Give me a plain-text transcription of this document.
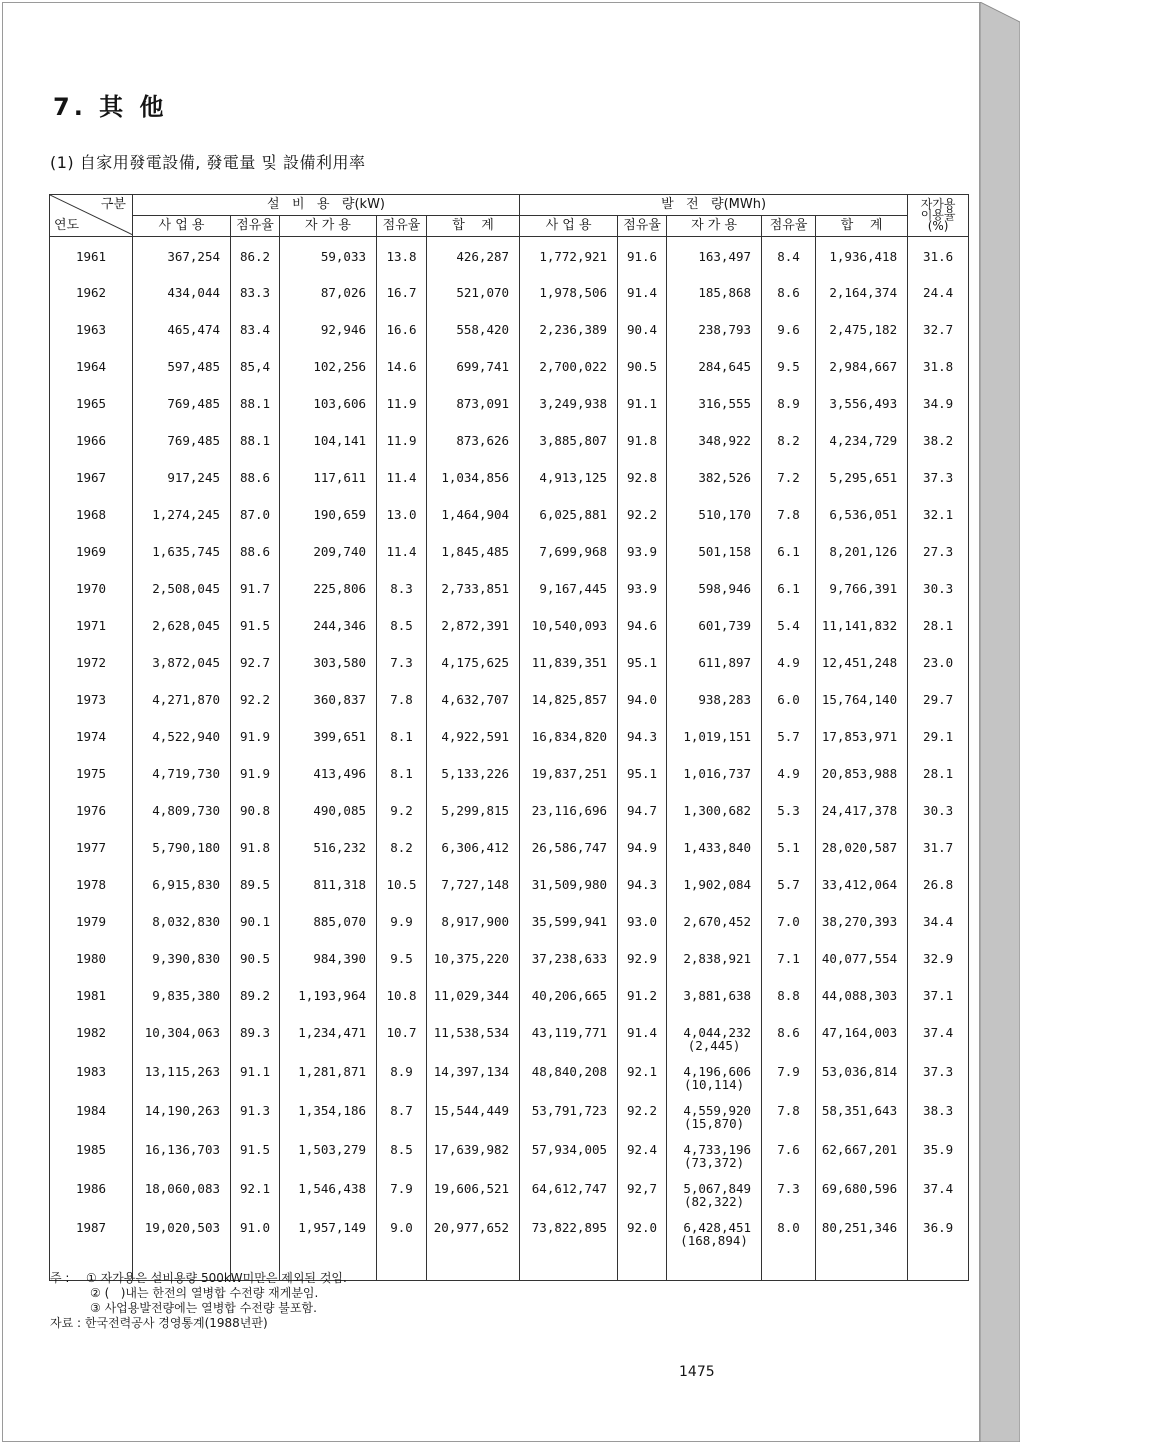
7. 其 他
(1) 自家用發電設備, 發電量 및 設備利用率
구분
연도	설   비   용   량(kW)					발   전   량(MWh)					자가용
이용율
(%)

	사 업 용	점유율	자 가 용	점유율	합    계	사 업 용	점유율	자 가 용	점유율	합    계	

1961	367,254	86.2	59,033	13.8	426,287	1,772,921	91.6	163,497	8.4	1,936,418	31.6

1962	434,044	83.3	87,026	16.7	521,070	1,978,506	91.4	185,868	8.6	2,164,374	24.4

1963	465,474	83.4	92,946	16.6	558,420	2,236,389	90.4	238,793	9.6	2,475,182	32.7

1964	597,485	85,4	102,256	14.6	699,741	2,700,022	90.5	284,645	9.5	2,984,667	31.8

1965	769,485	88.1	103,606	11.9	873,091	3,249,938	91.1	316,555	8.9	3,556,493	34.9

1966	769,485	88.1	104,141	11.9	873,626	3,885,807	91.8	348,922	8.2	4,234,729	38.2

1967	917,245	88.6	117,611	11.4	1,034,856	4,913,125	92.8	382,526	7.2	5,295,651	37.3

1968	1,274,245	87.0	190,659	13.0	1,464,904	6,025,881	92.2	510,170	7.8	6,536,051	32.1

1969	1,635,745	88.6	209,740	11.4	1,845,485	7,699,968	93.9	501,158	6.1	8,201,126	27.3

1970	2,508,045	91.7	225,806	8.3	2,733,851	9,167,445	93.9	598,946	6.1	9,766,391	30.3

1971	2,628,045	91.5	244,346	8.5	2,872,391	10,540,093	94.6	601,739	5.4	11,141,832	28.1

1972	3,872,045	92.7	303,580	7.3	4,175,625	11,839,351	95.1	611,897	4.9	12,451,248	23.0

1973	4,271,870	92.2	360,837	7.8	4,632,707	14,825,857	94.0	938,283	6.0	15,764,140	29.7

1974	4,522,940	91.9	399,651	8.1	4,922,591	16,834,820	94.3	1,019,151	5.7	17,853,971	29.1

1975	4,719,730	91.9	413,496	8.1	5,133,226	19,837,251	95.1	1,016,737	4.9	20,853,988	28.1

1976	4,809,730	90.8	490,085	9.2	5,299,815	23,116,696	94.7	1,300,682	5.3	24,417,378	30.3

1977	5,790,180	91.8	516,232	8.2	6,306,412	26,586,747	94.9	1,433,840	5.1	28,020,587	31.7

1978	6,915,830	89.5	811,318	10.5	7,727,148	31,509,980	94.3	1,902,084	5.7	33,412,064	26.8

1979	8,032,830	90.1	885,070	9.9	8,917,900	35,599,941	93.0	2,670,452	7.0	38,270,393	34.4

1980	9,390,830	90.5	984,390	9.5	10,375,220	37,238,633	92.9	2,838,921	7.1	40,077,554	32.9

1981	9,835,380	89.2	1,193,964	10.8	11,029,344	40,206,665	91.2	3,881,638	8.8	44,088,303	37.1

1982	10,304,063	89.3	1,234,471	10.7	11,538,534	43,119,771	91.4	4,044,232
(2,445)	8.6	47,164,003	37.4

1983	13,115,263	91.1	1,281,871	8.9	14,397,134	48,840,208	92.1	4,196,606
(10,114)	7.9	53,036,814	37.3

1984	14,190,263	91.3	1,354,186	8.7	15,544,449	53,791,723	92.2	4,559,920
(15,870)	7.8	58,351,643	38.3

1985	16,136,703	91.5	1,503,279	8.5	17,639,982	57,934,005	92.4	4,733,196
(73,372)	7.6	62,667,201	35.9

1986	18,060,083	92.1	1,546,438	7.9	19,606,521	64,612,747	92,7	5,067,849
(82,322)	7.3	69,680,596	37.4

1987	19,020,503	91.0	1,957,149	9.0	20,977,652	73,822,895	92.0	6,428,451
(168,894)	8.0	80,251,346	36.9
주 : ① 자가용은 설비용량 500kW미만은 제외된 것임.
② (   )내는 한전의 열병합 수전량 재게분임.
③ 사업용발전량에는 열병합 수전량 불포함.
자료 : 한국전력공사 경영통계(1988년판)
1475
